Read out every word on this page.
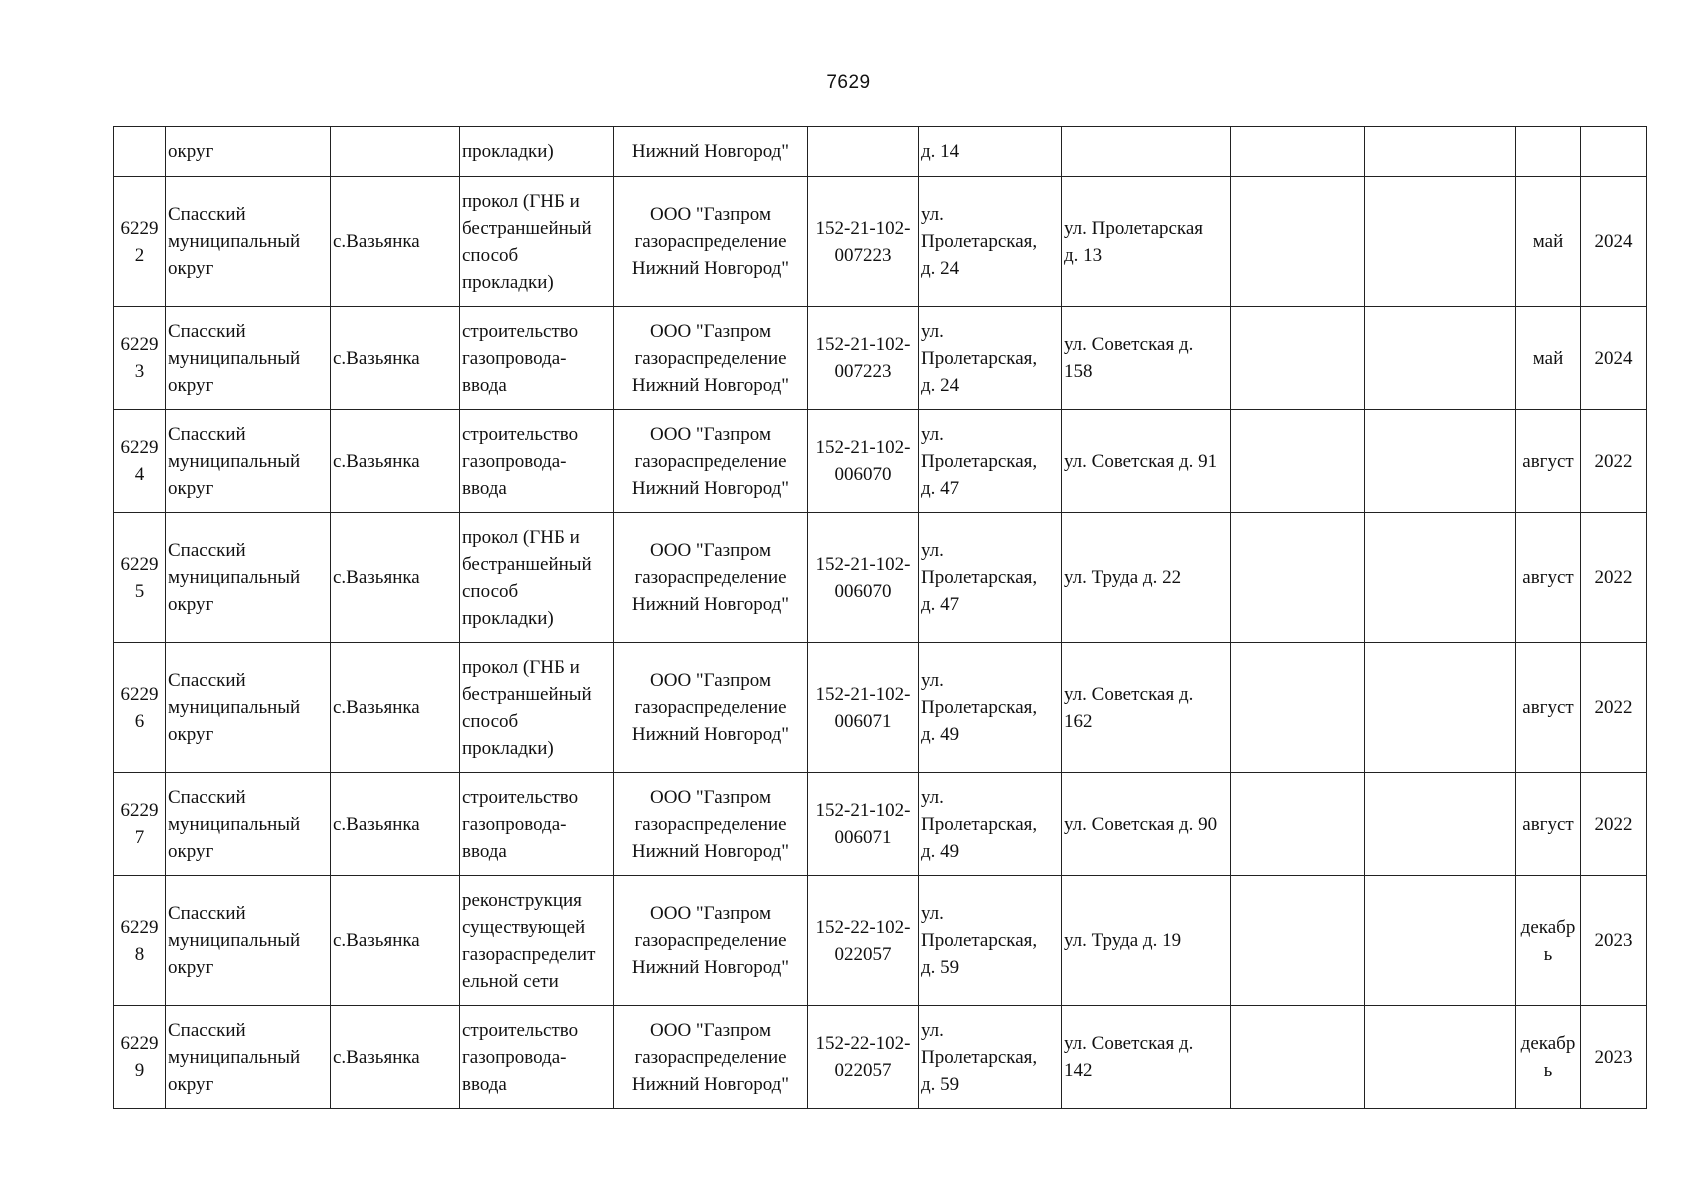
7629
	округ		прокладки)	Нижний Новгород"		д. 14					
6229
2	Спасский
муниципальный
округ	с.Вазьянка	прокол (ГНБ и
бестраншейный
способ
прокладки)	ООО "Газпром
газораспределение
Нижний Новгород"	152-21-102-
007223	ул.
Пролетарская,
д. 24	ул. Пролетарская
д. 13			май	2024
6229
3	Спасский
муниципальный
округ	с.Вазьянка	строительство
газопровода-
ввода	ООО "Газпром
газораспределение
Нижний Новгород"	152-21-102-
007223	ул.
Пролетарская,
д. 24	ул. Советская д.
158			май	2024
6229
4	Спасский
муниципальный
округ	с.Вазьянка	строительство
газопровода-
ввода	ООО "Газпром
газораспределение
Нижний Новгород"	152-21-102-
006070	ул.
Пролетарская,
д. 47	ул. Советская д. 91			август	2022
6229
5	Спасский
муниципальный
округ	с.Вазьянка	прокол (ГНБ и
бестраншейный
способ
прокладки)	ООО "Газпром
газораспределение
Нижний Новгород"	152-21-102-
006070	ул.
Пролетарская,
д. 47	ул. Труда д. 22			август	2022
6229
6	Спасский
муниципальный
округ	с.Вазьянка	прокол (ГНБ и
бестраншейный
способ
прокладки)	ООО "Газпром
газораспределение
Нижний Новгород"	152-21-102-
006071	ул.
Пролетарская,
д. 49	ул. Советская д.
162			август	2022
6229
7	Спасский
муниципальный
округ	с.Вазьянка	строительство
газопровода-
ввода	ООО "Газпром
газораспределение
Нижний Новгород"	152-21-102-
006071	ул.
Пролетарская,
д. 49	ул. Советская д. 90			август	2022
6229
8	Спасский
муниципальный
округ	с.Вазьянка	реконструкция
существующей
газораспределит
ельной сети	ООО "Газпром
газораспределение
Нижний Новгород"	152-22-102-
022057	ул.
Пролетарская,
д. 59	ул. Труда д. 19			декабр
ь	2023
6229
9	Спасский
муниципальный
округ	с.Вазьянка	строительство
газопровода-
ввода	ООО "Газпром
газораспределение
Нижний Новгород"	152-22-102-
022057	ул.
Пролетарская,
д. 59	ул. Советская д.
142			декабр
ь	2023
